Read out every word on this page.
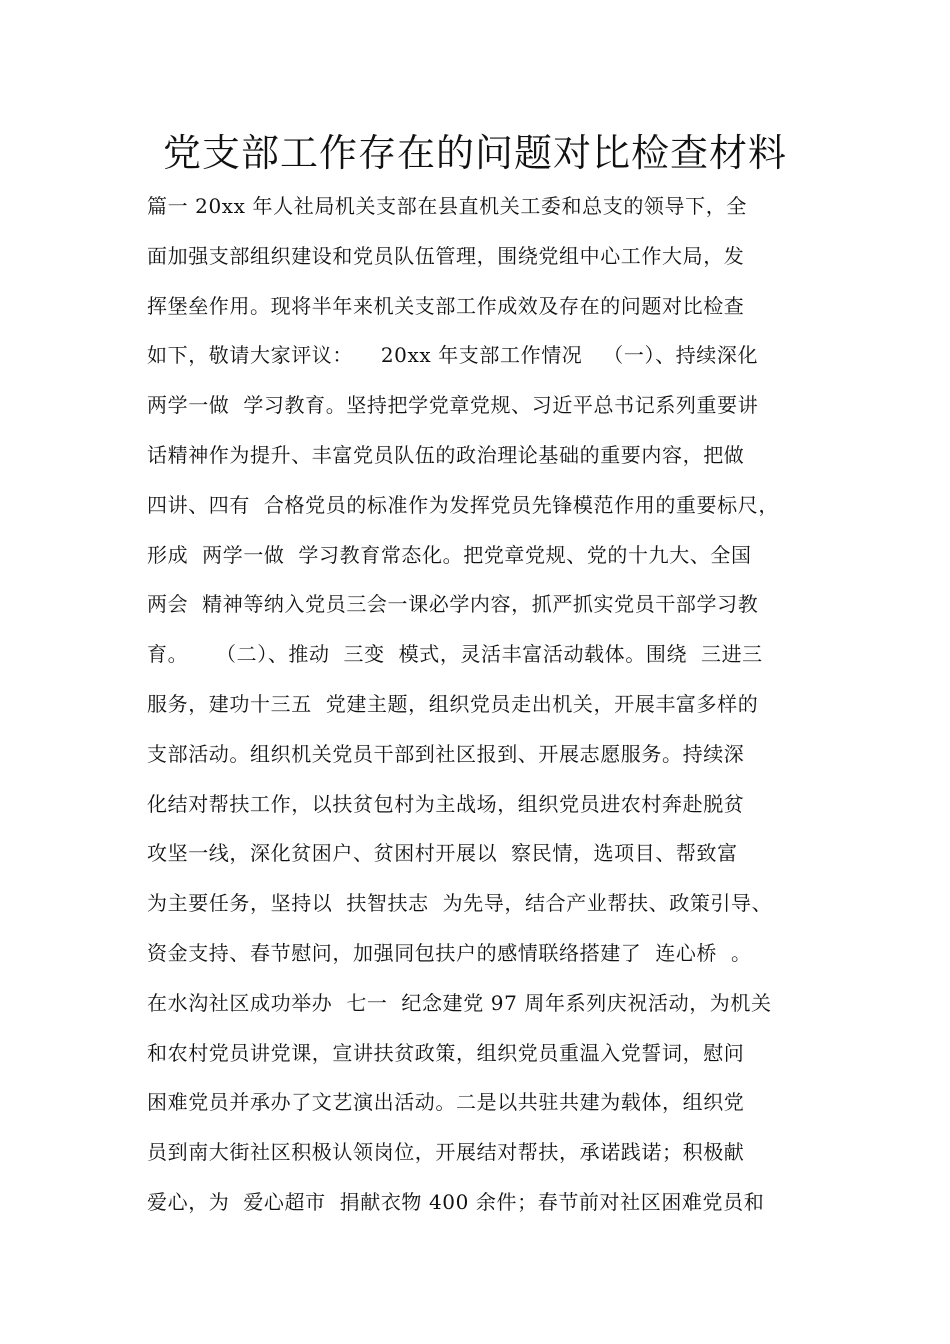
党支部工作存在的问题对比检查材料
篇一 20xx 年人社局机关支部在县直机关工委和总支的领导下，全
面加强支部组织建设和党员队伍管理，围绕党组中心工作大局，发
挥堡垒作用。现将半年来机关支部工作成效及存在的问题对比检查
如下，敬请大家评议：    20xx 年支部工作情况   （一）、持续深化
两学一做  学习教育。坚持把学党章党规、习近平总书记系列重要讲
话精神作为提升、丰富党员队伍的政治理论基础的重要内容，把做
四讲、四有  合格党员的标准作为发挥党员先锋模范作用的重要标尺，
形成  两学一做  学习教育常态化。把党章党规、党的十九大、全国
两会  精神等纳入党员三会一课必学内容，抓严抓实党员干部学习教
育。    （二）、推动  三变  模式，灵活丰富活动载体。围绕  三进三
服务，建功十三五  党建主题，组织党员走出机关，开展丰富多样的
支部活动。组织机关党员干部到社区报到、开展志愿服务。持续深
化结对帮扶工作，以扶贫包村为主战场，组织党员进农村奔赴脱贫
攻坚一线，深化贫困户、贫困村开展以  察民情，选项目、帮致富
为主要任务，坚持以  扶智扶志  为先导，结合产业帮扶、政策引导、
资金支持、春节慰问，加强同包扶户的感情联络搭建了  连心桥  。
在水沟社区成功举办  七一  纪念建党 97 周年系列庆祝活动，为机关
和农村党员讲党课，宣讲扶贫政策，组织党员重温入党誓词，慰问
困难党员并承办了文艺演出活动。二是以共驻共建为载体，组织党
员到南大街社区积极认领岗位，开展结对帮扶，承诺践诺；积极献
爱心，为  爱心超市  捐献衣物 400 余件；春节前对社区困难党员和
